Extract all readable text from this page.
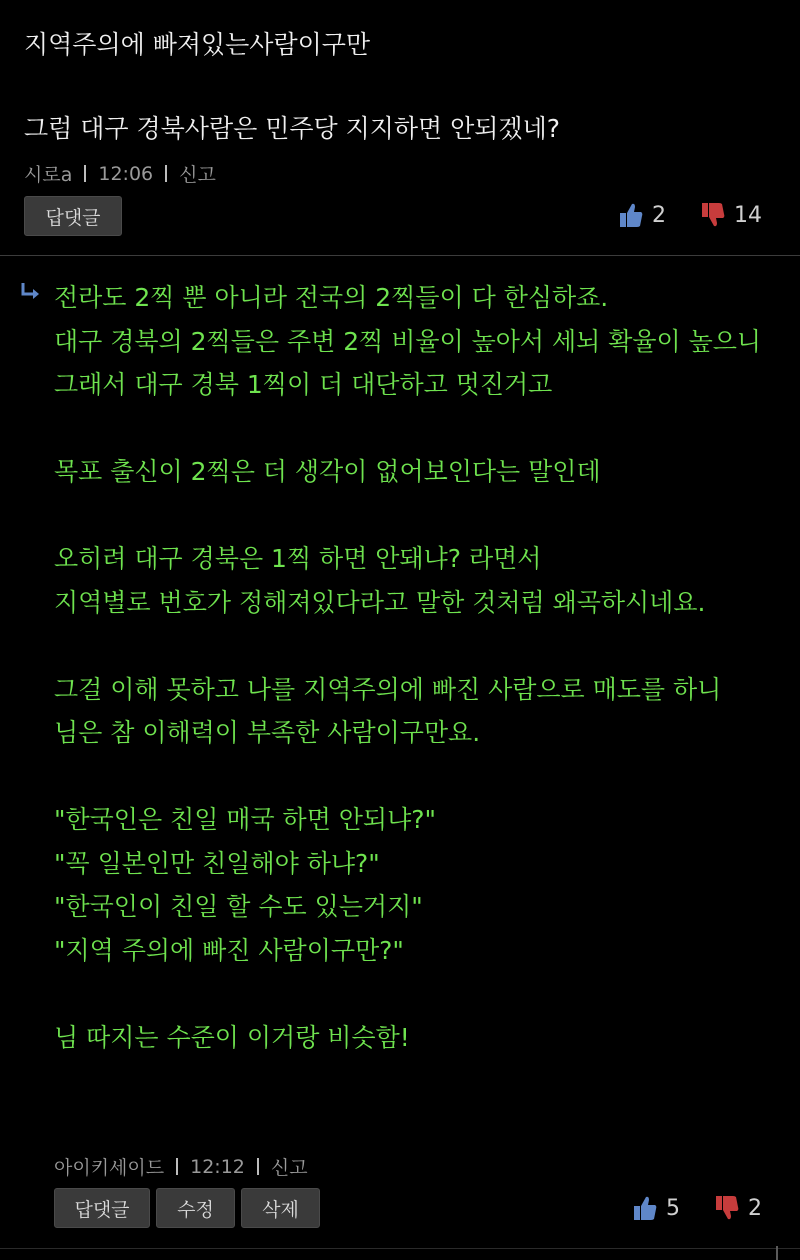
지역주의에 빠져있는사람이구만

그럼 대구 경북사람은 민주당 지지하면 안되겠네?
시로a 12:06 신고
답댓글	2	14
전라도 2찍 뿐 아니라 전국의 2찍들이 다 한심하죠.
대구 경북의 2찍들은 주변 2찍 비율이 높아서 세뇌 확율이 높으니
그래서 대구 경북 1찍이 더 대단하고 멋진거고

목포 출신이 2찍은 더 생각이 없어보인다는 말인데

오히려 대구 경북은 1찍 하면 안돼냐? 라면서
지역별로 번호가 정해져있다라고 말한 것처럼 왜곡하시네요.

그걸 이해 못하고 나를 지역주의에 빠진 사람으로 매도를 하니
님은 참 이해력이 부족한 사람이구만요.

"한국인은 친일 매국 하면 안되냐?"
"꼭 일본인만 친일해야 하냐?"
"한국인이 친일 할 수도 있는거지"
"지역 주의에 빠진 사람이구만?"

님 따지는 수준이 이거랑 비슷함!
아이키세이드 12:12 신고
답댓글	수정	삭제	5	2
